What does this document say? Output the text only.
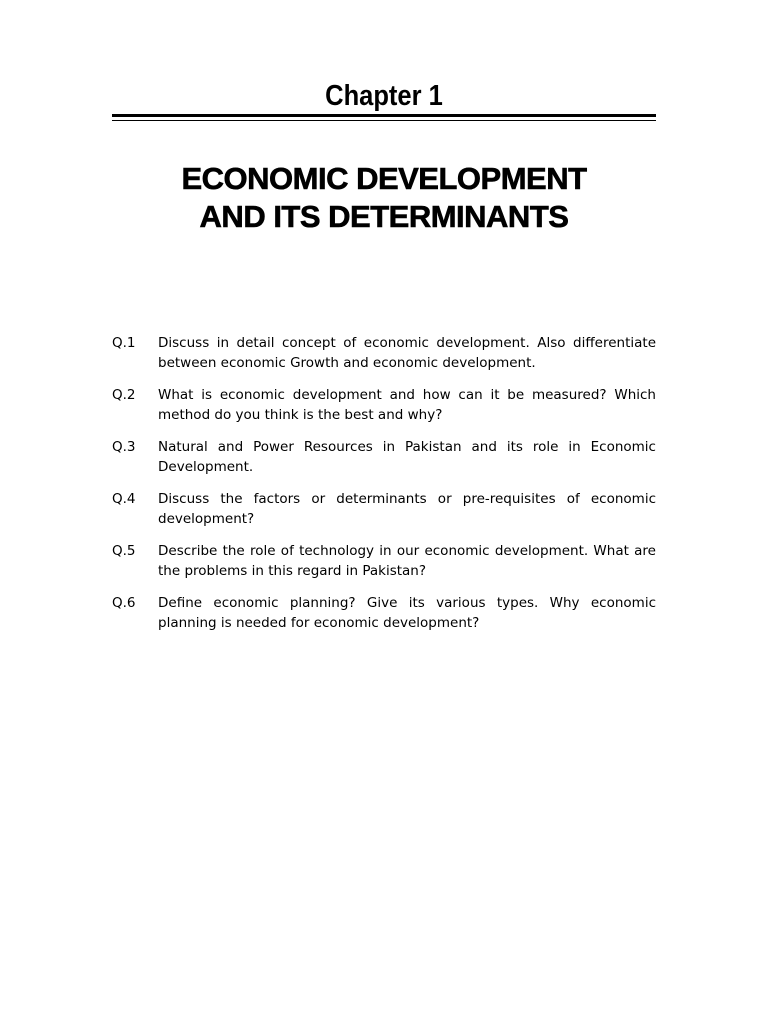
Chapter 1
ECONOMIC DEVELOPMENT
AND ITS DETERMINANTS
Q.1	Discuss in detail concept of economic development. Also differentiate between economic Growth and economic development.
Q.2	What is economic development and how can it be measured? Which method do you think is the best and why?
Q.3	Natural and Power Resources in Pakistan and its role in Economic Development.
Q.4	Discuss the factors or determinants or pre-requisites of economic development?
Q.5	Describe the role of technology in our economic development. What are the problems in this regard in Pakistan?
Q.6	Define economic planning? Give its various types. Why economic planning is needed for economic development?
